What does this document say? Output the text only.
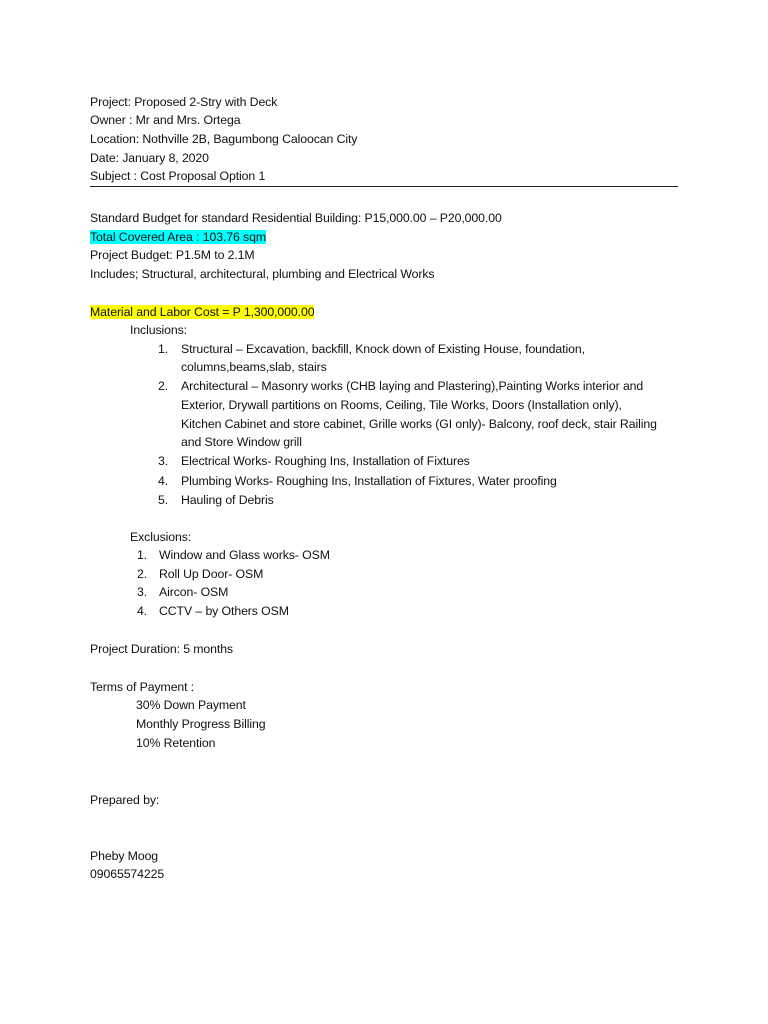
Project: Proposed 2-Stry with Deck
Owner : Mr and Mrs. Ortega
Location: Nothville 2B, Bagumbong Caloocan City
Date: January 8, 2020
Subject : Cost Proposal Option 1
Standard Budget for standard Residential Building: P15,000.00 – P20,000.00
Total Covered Area : 103.76 sqm
Project Budget: P1.5M to 2.1M
Includes; Structural, architectural, plumbing and Electrical Works
Material and Labor Cost = P 1,300,000.00
Inclusions:
1. Structural – Excavation, backfill, Knock down of Existing House, foundation,
columns,beams,slab, stairs
2. Architectural – Masonry works (CHB laying and Plastering),Painting Works interior and
Exterior, Drywall partitions on Rooms, Ceiling, Tile Works, Doors (Installation only),
Kitchen Cabinet and store cabinet, Grille works (GI only)- Balcony, roof deck, stair Railing
and Store Window grill
3. Electrical Works- Roughing Ins, Installation of Fixtures
4. Plumbing Works- Roughing Ins, Installation of Fixtures, Water proofing
5. Hauling of Debris
Exclusions:
1. Window and Glass works- OSM
2. Roll Up Door- OSM
3. Aircon- OSM
4. CCTV – by Others OSM
Project Duration: 5 months
Terms of Payment :
30% Down Payment
Monthly Progress Billing
10% Retention
Prepared by:
Pheby Moog
09065574225
